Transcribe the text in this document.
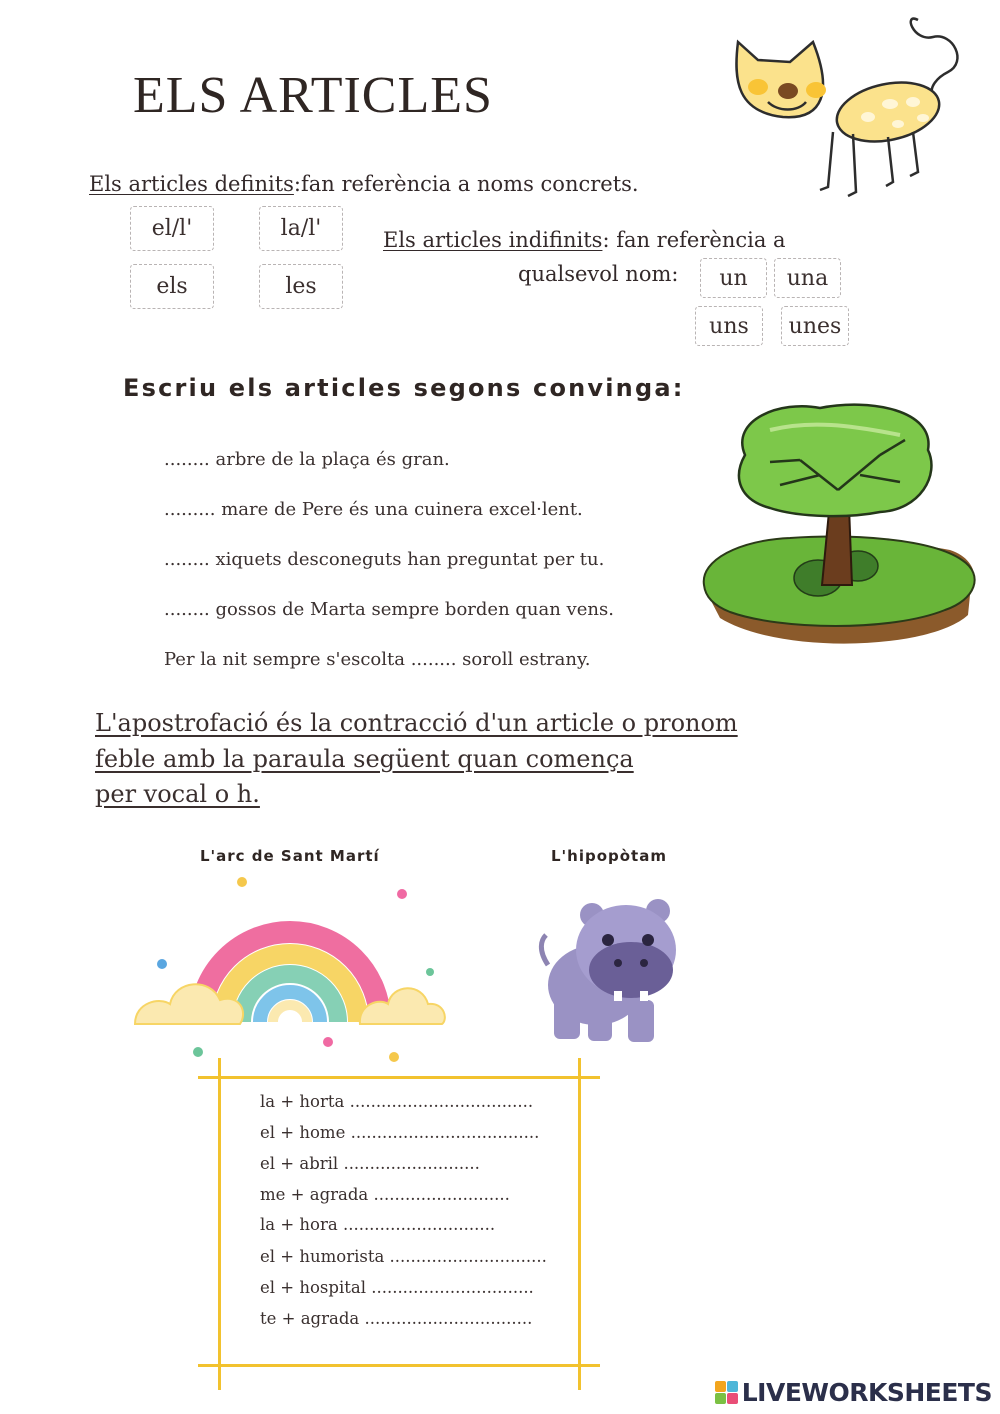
ELS ARTICLES
Els articles definits:fan referència a noms concrets.
el/l'	la/l'
els	les
Els articles indifinits: fan referència a
qualsevol nom:	un	una
uns	unes
Escriu els articles segons convinga:
........ arbre de la plaça és gran.
......... mare de Pere és una cuinera excel·lent.
........ xiquets desconeguts han preguntat per tu.
........ gossos de Marta sempre borden quan vens.
Per la nit sempre s'escolta ........ soroll estrany.
L'apostrofació és la contracció d'un article o pronom
feble amb la paraula següent quan comença
per vocal o h.
L'arc de Sant Martí	L'hipopòtam
la + horta ...................................
el + home ....................................
el + abril ..........................
me + agrada ..........................
la + hora .............................
el + humorista ..............................
el + hospital ...............................
te + agrada ................................
LIVEWORKSHEETS
